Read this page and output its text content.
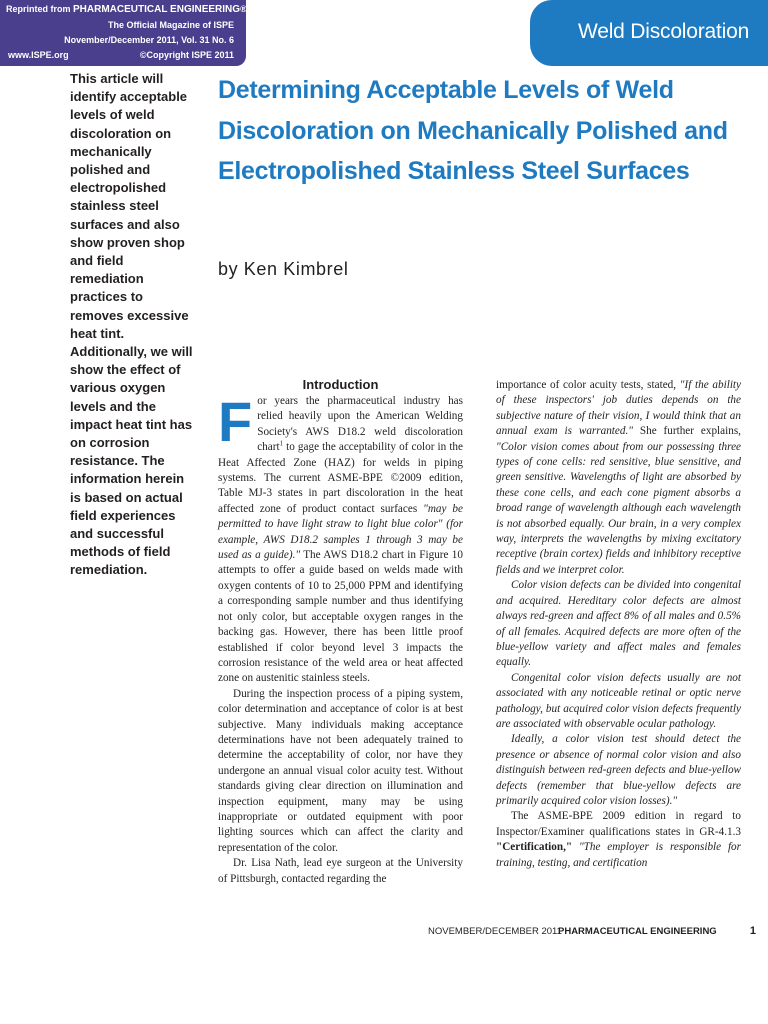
Reprinted from PHARMACEUTICAL ENGINEERING®
The Official Magazine of ISPE
November/December 2011, Vol. 31 No. 6
www.ISPE.org	©Copyright ISPE 2011
Weld Discoloration

This article will identify acceptable levels of weld discoloration on mechanically polished and electropolished stainless steel surfaces and also show proven shop and field remediation practices to removes excessive heat tint. Additionally, we will show the effect of various oxygen levels and the impact heat tint has on corrosion resistance. The information herein is based on actual field experiences and successful methods of field remediation.

Determining Acceptable Levels of Weld Discoloration on Mechanically Polished and Electropolished Stainless Steel Surfaces

by Ken Kimbrel

Introduction

For years the pharmaceutical industry has relied heavily upon the American Welding Society's AWS D18.2 weld discoloration chart$^1$ to gage the acceptability of color in the Heat Affected Zone (HAZ) for welds in piping systems. The current ASME-BPE ©2009 edition, Table MJ-3 states in part discoloration in the heat affected zone of product contact surfaces "may be permitted to have light straw to light blue color" (for example, AWS D18.2 samples 1 through 3 may be used as a guide)." The AWS D18.2 chart in Figure 10 attempts to offer a guide based on welds made with oxygen contents of 10 to 25,000 PPM and identifying a corresponding sample number and thus identifying not only color, but acceptable oxygen ranges in the backing gas. However, there has been little proof established if color beyond level 3 impacts the corrosion resistance of the weld area or heat affected zone on austenitic stainless steels.

During the inspection process of a piping system, color determination and acceptance of color is at best subjective. Many individuals making acceptance determinations have not been adequately trained to determine the acceptability of color, nor have they undergone an annual visual color acuity test. Without standards giving clear direction on illumination and inspection equipment, many may be using inappropriate or outdated equipment with poor lighting sources which can affect the clarity and representation of the color.

Dr. Lisa Nath, lead eye surgeon at the University of Pittsburgh, contacted regarding the

importance of color acuity tests, stated, "If the ability of these inspectors' job duties depends on the subjective nature of their vision, I would think that an annual exam is warranted." She further explains, "Color vision comes about from our possessing three types of cone cells: red sensitive, blue sensitive, and green sensitive. Wavelengths of light are absorbed by these cone cells, and each cone pigment absorbs a broad range of wavelength although each wavelength is not absorbed equally. Our brain, in a very complex way, interprets the wavelengths by mixing excitatory receptive (brain cortex) fields and inhibitory receptive fields and we interpret color.

Color vision defects can be divided into congenital and acquired. Hereditary color defects are almost always red-green and affect 8% of all males and 0.5% of all females. Acquired defects are more often of the blue-yellow variety and affect males and females equally.

Congenital color vision defects usually are not associated with any noticeable retinal or optic nerve pathology, but acquired color vision defects frequently are associated with observable ocular pathology.

Ideally, a color vision test should detect the presence or absence of normal color vision and also distinguish between red-green defects and blue-yellow defects (remember that blue-yellow defects are primarily acquired color vision losses)."

The ASME-BPE 2009 edition in regard to Inspector/Examiner qualifications states in GR-4.1.3 "Certification," "The employer is responsible for training, testing, and certification

NOVEMBER/DECEMBER 2011
PHARMACEUTICAL ENGINEERING	1
